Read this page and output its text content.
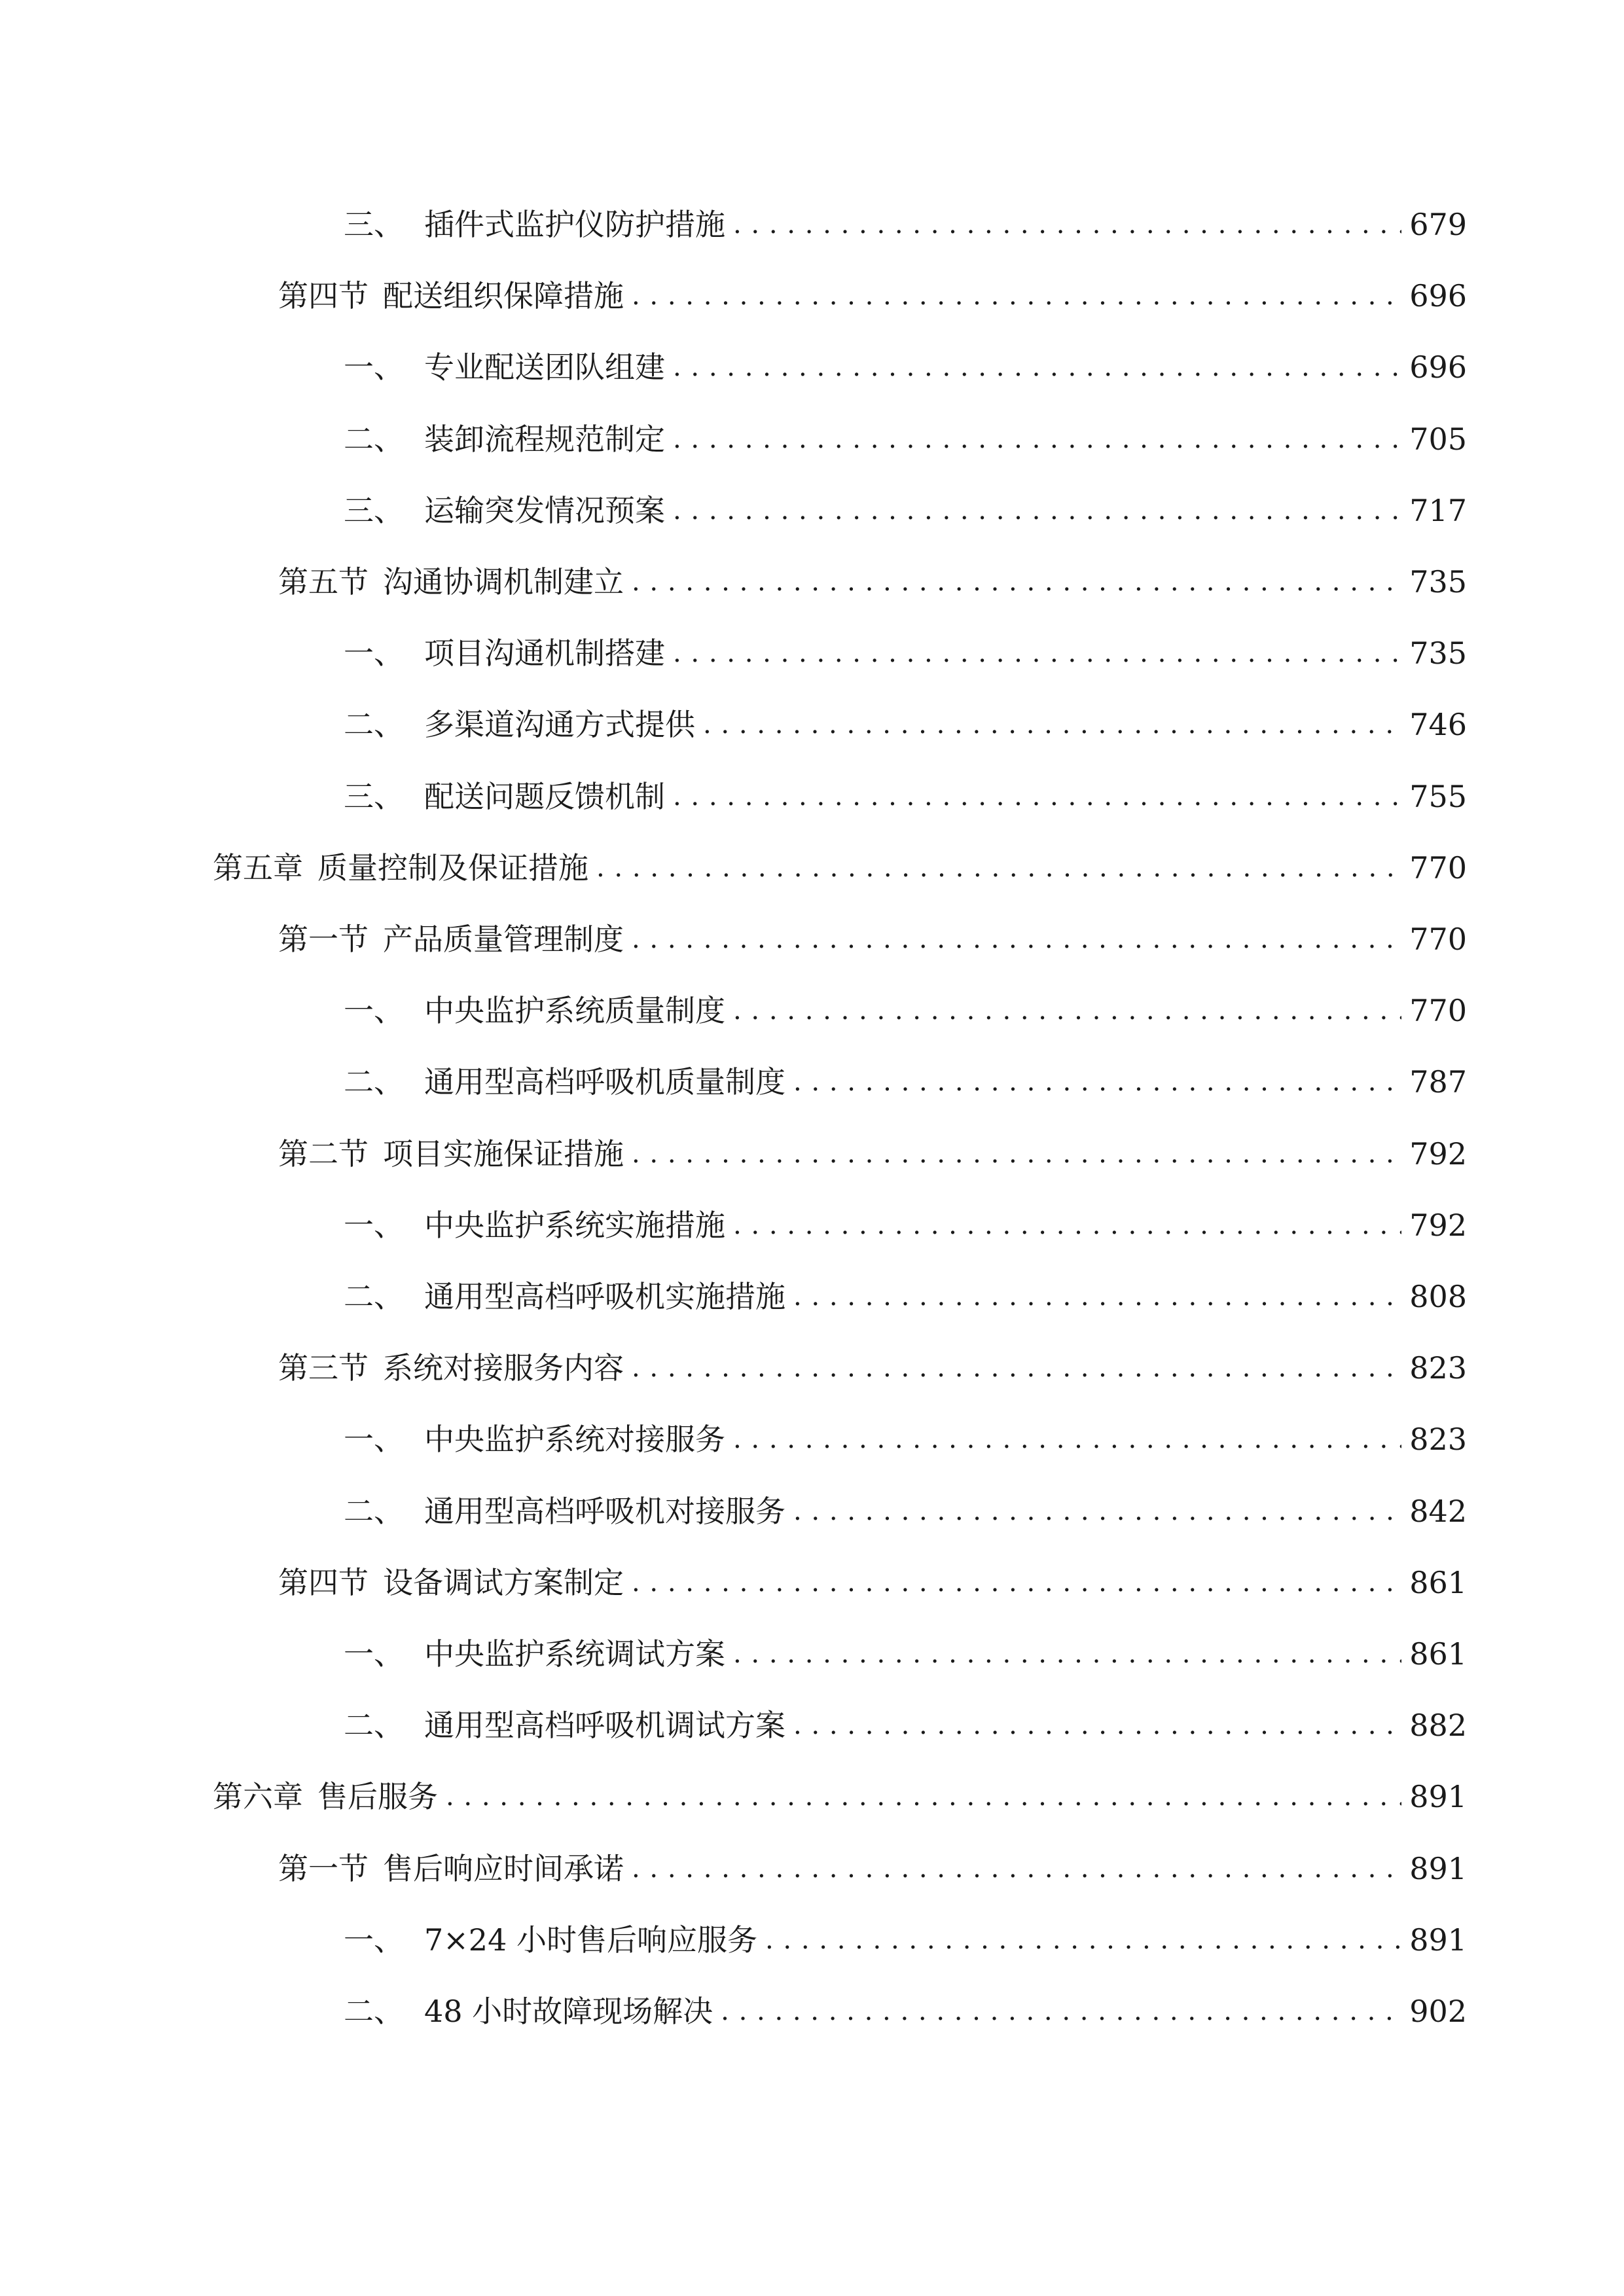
三、 插件式监护仪防护措施 . . .	679
第四节 配送组织保障措施 . . .	696
一、 专业配送团队组建 . . .	696
二、 装卸流程规范制定 . . .	705
三、 运输突发情况预案 . . .	717
第五节 沟通协调机制建立 . . .	735
一、 项目沟通机制搭建 . . .	735
二、 多渠道沟通方式提供 . . .	746
三、 配送问题反馈机制 . . .	755
第五章 质量控制及保证措施 . . .	770
第一节 产品质量管理制度 . . .	770
一、 中央监护系统质量制度 . . .	770
二、 通用型高档呼吸机质量制度 . . .	787
第二节 项目实施保证措施 . . .	792
一、 中央监护系统实施措施 . . .	792
二、 通用型高档呼吸机实施措施 . . .	808
第三节 系统对接服务内容 . . .	823
一、 中央监护系统对接服务 . . .	823
二、 通用型高档呼吸机对接服务 . . .	842
第四节 设备调试方案制定 . . .	861
一、 中央监护系统调试方案 . . .	861
二、 通用型高档呼吸机调试方案 . . .	882
第六章 售后服务 . . .	891
第一节 售后响应时间承诺 . . .	891
一、 7×24 小时售后响应服务 . . .	891
二、 48 小时故障现场解决 . . .	902
